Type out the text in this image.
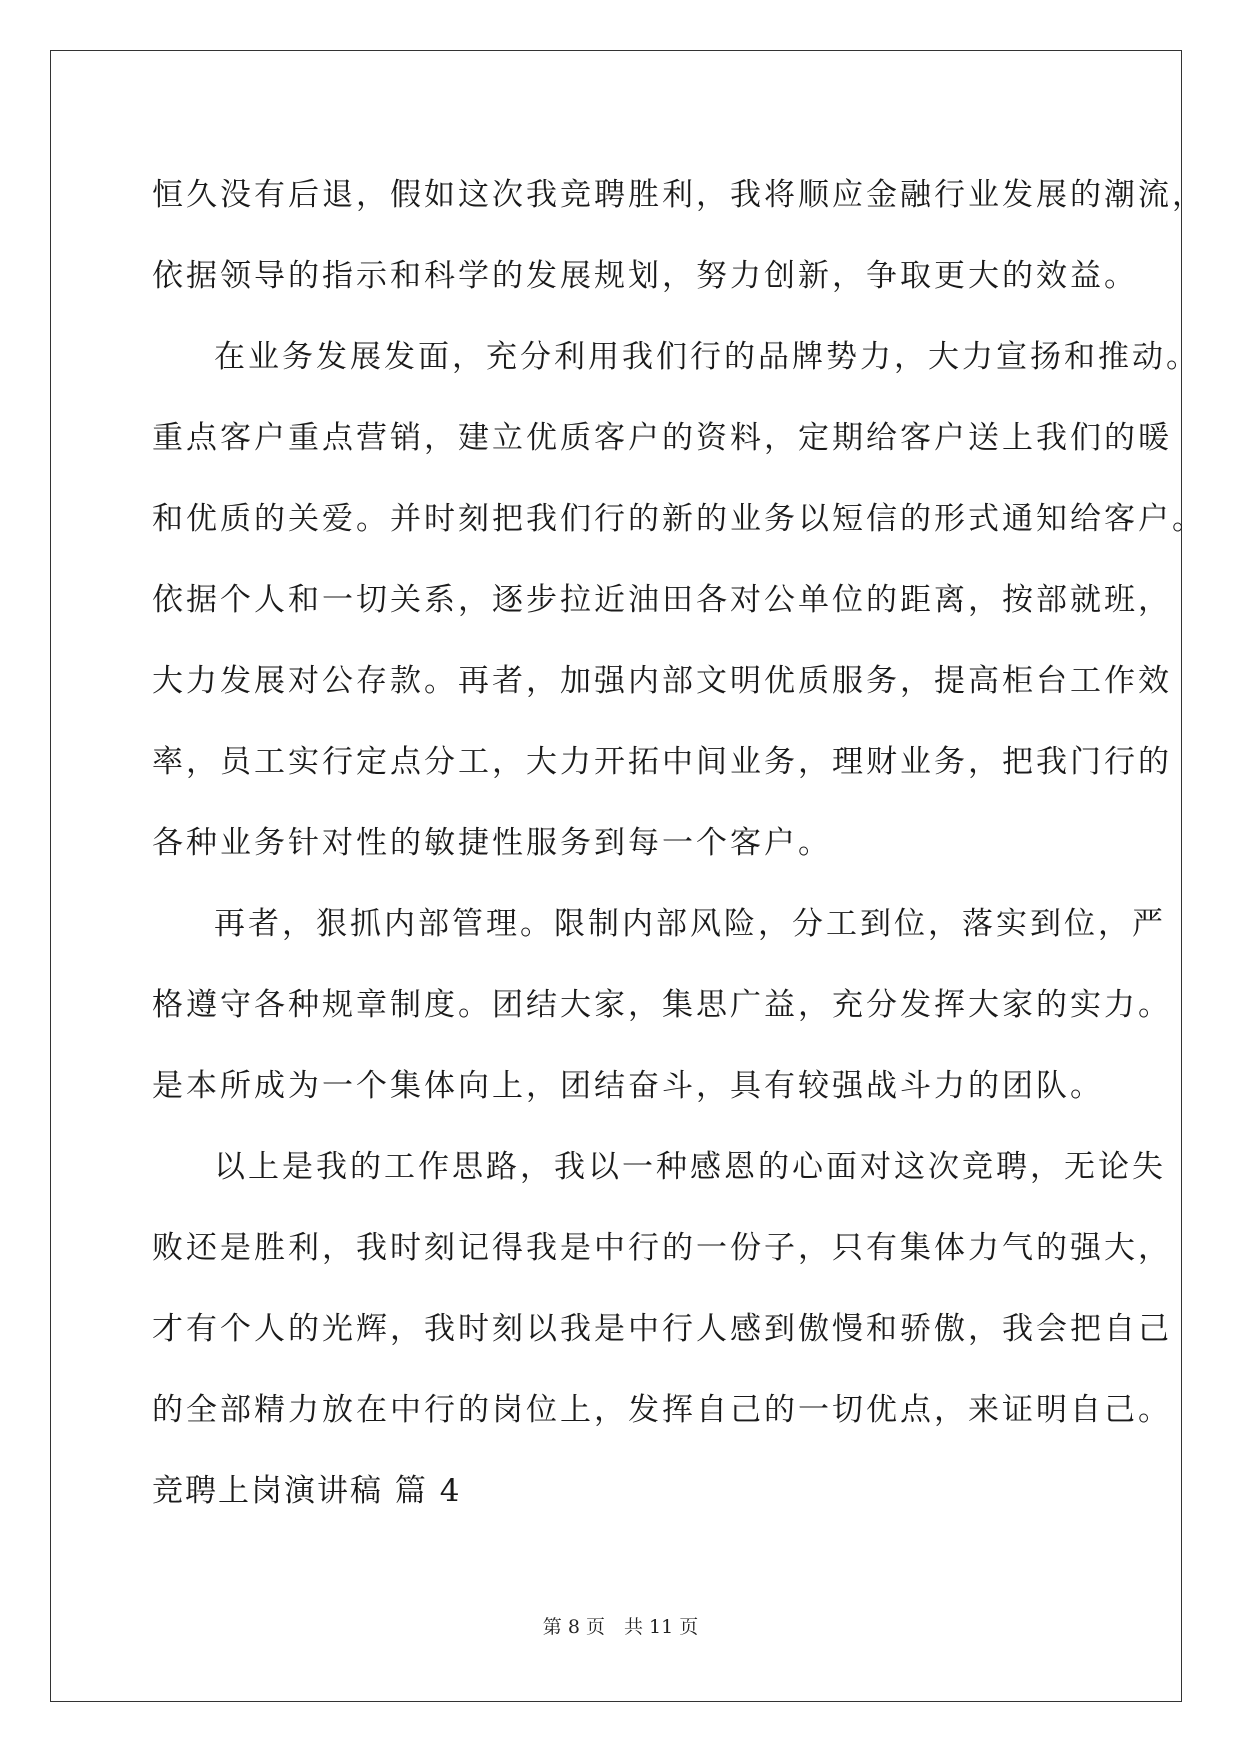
恒久没有后退，假如这次我竞聘胜利，我将顺应金融行业发展的潮流，
依据领导的指示和科学的发展规划，努力创新，争取更大的效益。
在业务发展发面，充分利用我们行的品牌势力，大力宣扬和推动。
重点客户重点营销，建立优质客户的资料，定期给客户送上我们的暖
和优质的关爱。并时刻把我们行的新的业务以短信的形式通知给客户。
依据个人和一切关系，逐步拉近油田各对公单位的距离，按部就班，
大力发展对公存款。再者，加强内部文明优质服务，提高柜台工作效
率，员工实行定点分工，大力开拓中间业务，理财业务，把我门行的
各种业务针对性的敏捷性服务到每一个客户。
再者，狠抓内部管理。限制内部风险，分工到位，落实到位，严
格遵守各种规章制度。团结大家，集思广益，充分发挥大家的实力。
是本所成为一个集体向上，团结奋斗，具有较强战斗力的团队。
以上是我的工作思路，我以一种感恩的心面对这次竞聘，无论失
败还是胜利，我时刻记得我是中行的一份子，只有集体力气的强大，
才有个人的光辉，我时刻以我是中行人感到傲慢和骄傲，我会把自己
的全部精力放在中行的岗位上，发挥自己的一切优点，来证明自己。
竞聘上岗演讲稿 篇 4
第 8 页　共 11 页
